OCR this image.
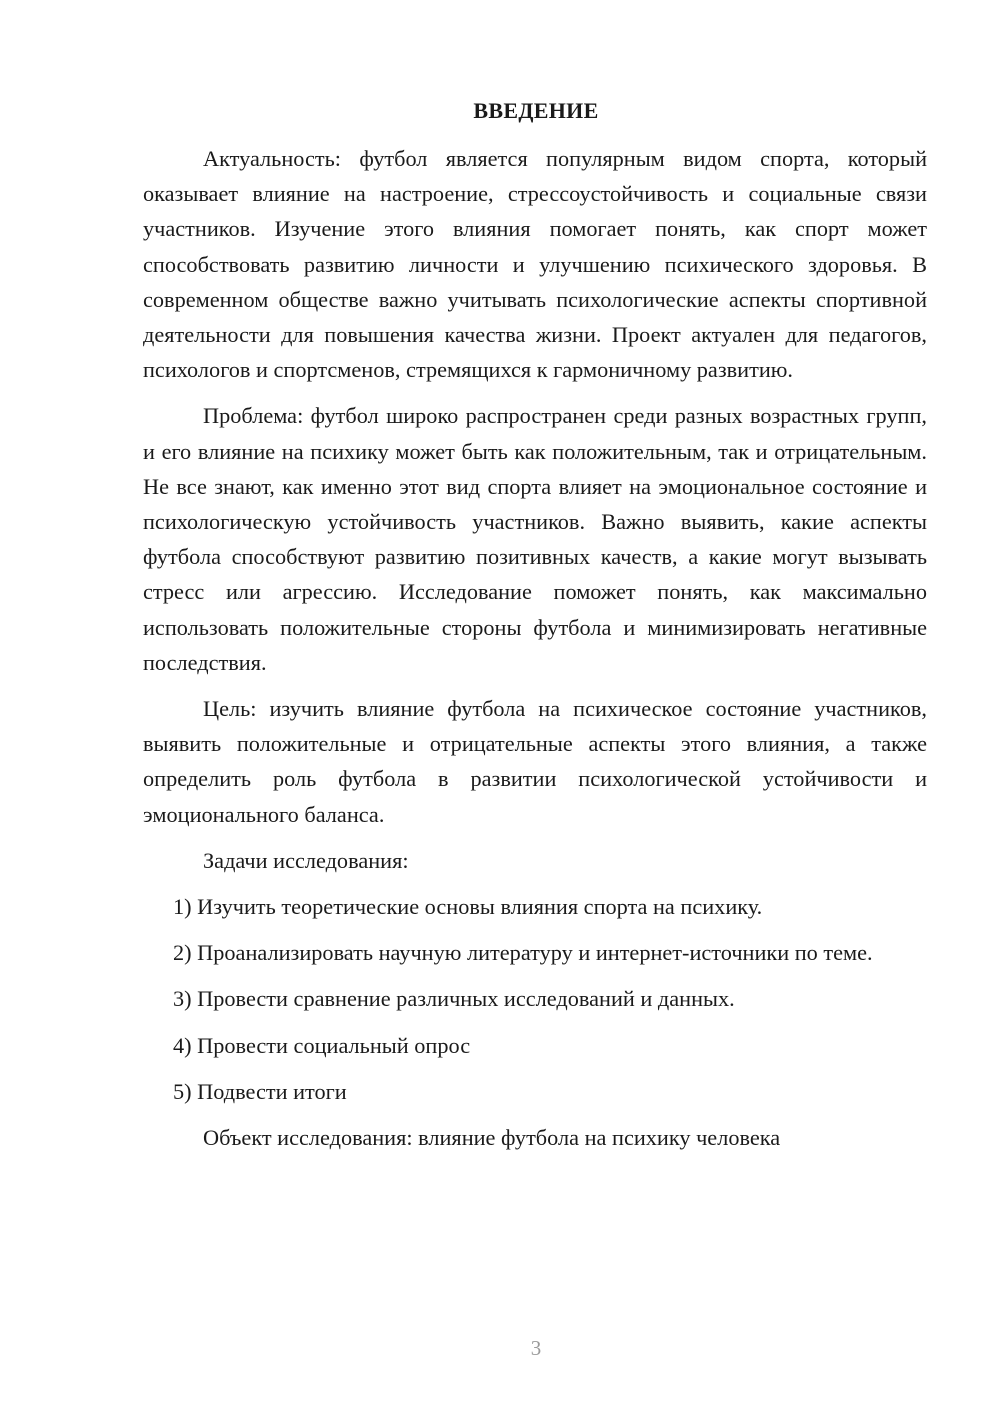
ВВЕДЕНИЕ

Актуальность: футбол является популярным видом спорта, который оказывает влияние на настроение, стрессоустойчивость и социальные связи участников. Изучение этого влияния помогает понять, как спорт может способствовать развитию личности и улучшению психического здоровья. В современном обществе важно учитывать психологические аспекты спортивной деятельности для повышения качества жизни. Проект актуален для педагогов, психологов и спортсменов, стремящихся к гармоничному развитию.

Проблема: футбол широко распространен среди разных возрастных групп, и его влияние на психику может быть как положительным, так и отрицательным. Не все знают, как именно этот вид спорта влияет на эмоциональное состояние и психологическую устойчивость участников. Важно выявить, какие аспекты футбола способствуют развитию позитивных качеств, а какие могут вызывать стресс или агрессию. Исследование поможет понять, как максимально использовать положительные стороны футбола и минимизировать негативные последствия.

Цель: изучить влияние футбола на психическое состояние участников, выявить положительные и отрицательные аспекты этого влияния, а также определить роль футбола в развитии психологической устойчивости и эмоционального баланса.

Задачи исследования:

1) Изучить теоретические основы влияния спорта на психику.

2) Проанализировать научную литературу и интернет-источники по теме.

3) Провести сравнение различных исследований и данных.

4) Провести социальный опрос

5) Подвести итоги

Объект исследования: влияние футбола на психику человека

3
